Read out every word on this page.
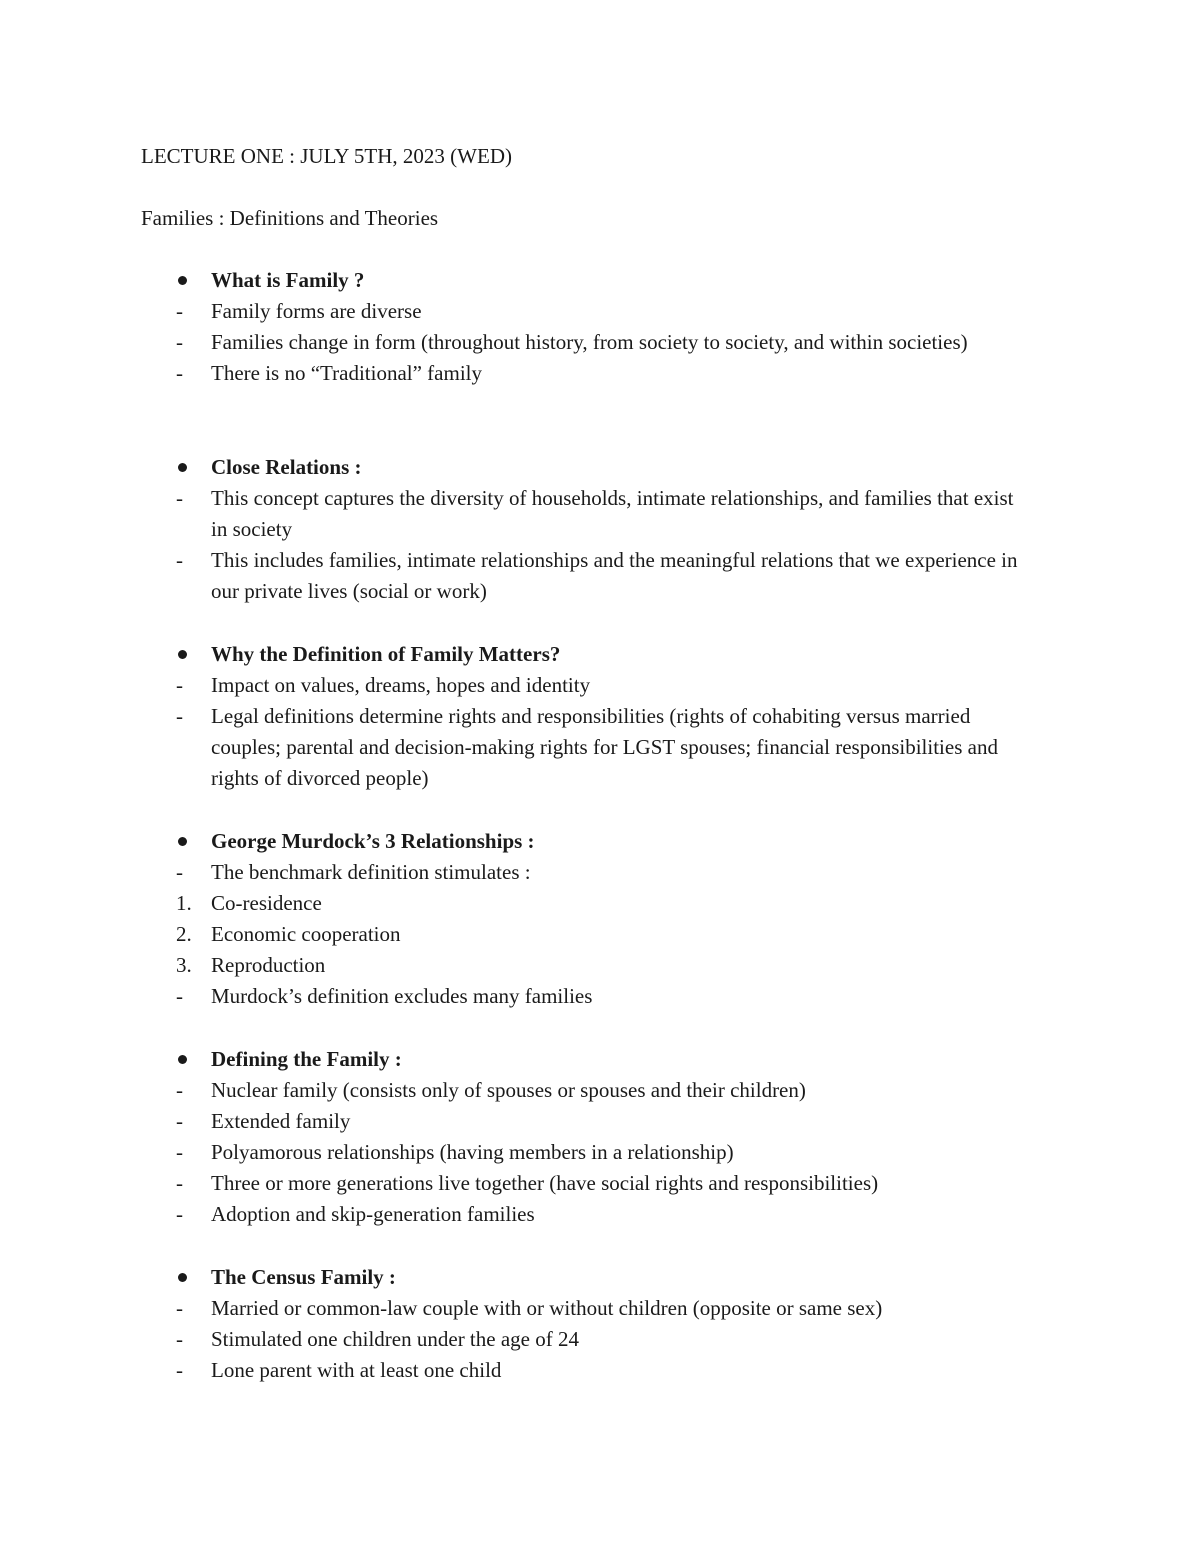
LECTURE ONE : JULY 5TH, 2023 (WED)
Families : Definitions and Theories
What is Family ?
-	Family forms are diverse
-	Families change in form (throughout history, from society to society, and within societies)
-	There is no “Traditional” family
Close Relations :
-	This concept captures the diversity of households, intimate relationships, and families that exist in society
-	This includes families, intimate relationships and the meaningful relations that we experience in our private lives (social or work)
Why the Definition of Family Matters?
-	Impact on values, dreams, hopes and identity
-	Legal definitions determine rights and responsibilities (rights of cohabiting versus married couples; parental and decision-making rights for LGST spouses; financial responsibilities and rights of divorced people)
George Murdock’s 3 Relationships :
-	The benchmark definition stimulates :
1. Co-residence
2. Economic cooperation
3. Reproduction
-	Murdock’s definition excludes many families
Defining the Family :
-	Nuclear family (consists only of spouses or spouses and their children)
-	Extended family
-	Polyamorous relationships (having members in a relationship)
-	Three or more generations live together (have social rights and responsibilities)
-	Adoption and skip-generation families
The Census Family :
-	Married or common-law couple with or without children (opposite or same sex)
-	Stimulated one children under the age of 24
-	Lone parent with at least one child
